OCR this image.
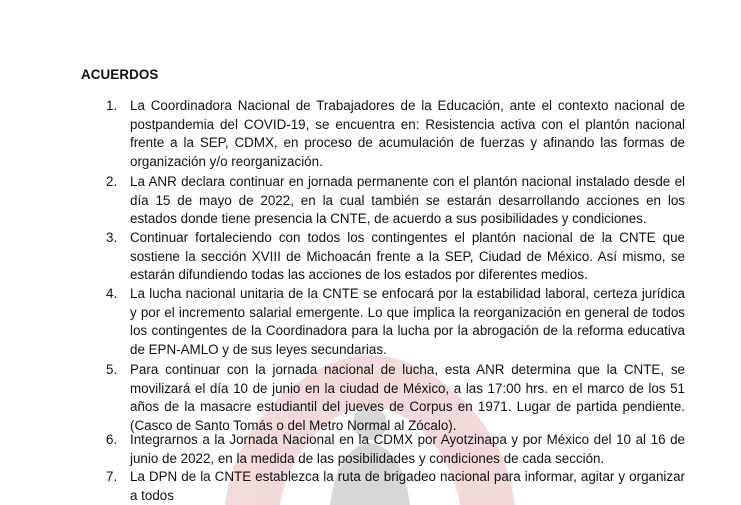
ACUERDOS
1. La Coordinadora Nacional de Trabajadores de la Educación, ante el contexto nacional de postpandemia del COVID-19, se encuentra en: Resistencia activa con el plantón nacional frente a la SEP, CDMX, en proceso de acumulación de fuerzas y afinando las formas de organización y/o reorganización.
2. La ANR declara continuar en jornada permanente con el plantón nacional instalado desde el día 15 de mayo de 2022, en la cual también se estarán desarrollando acciones en los estados donde tiene presencia la CNTE, de acuerdo a sus posibilidades y condiciones.
3. Continuar fortaleciendo con todos los contingentes el plantón nacional de la CNTE que sostiene la sección XVIII de Michoacán frente a la SEP, Ciudad de México. Así mismo, se estarán difundiendo todas las acciones de los estados por diferentes medios.
4. La lucha nacional unitaria de la CNTE se enfocará por la estabilidad laboral, certeza jurídica y por el incremento salarial emergente. Lo que implica la reorganización en general de todos los contingentes de la Coordinadora para la lucha por la abrogación de la reforma educativa de EPN-AMLO y de sus leyes secundarias.
5. Para continuar con la jornada nacional de lucha, esta ANR determina que la CNTE, se movilizará el día 10 de junio en la ciudad de México, a las 17:00 hrs. en el marco de los 51 años de la masacre estudiantil del jueves de Corpus en 1971. Lugar de partida pendiente. (Casco de Santo Tomás o del Metro Normal al Zócalo).
6. Integrarnos a la Jornada Nacional en la CDMX por Ayotzinapa y por México del 10 al 16 de junio de 2022, en la medida de las posibilidades y condiciones de cada sección.
7. La DPN de la CNTE establezca la ruta de brigadeo nacional para informar, agitar y organizar a todos
